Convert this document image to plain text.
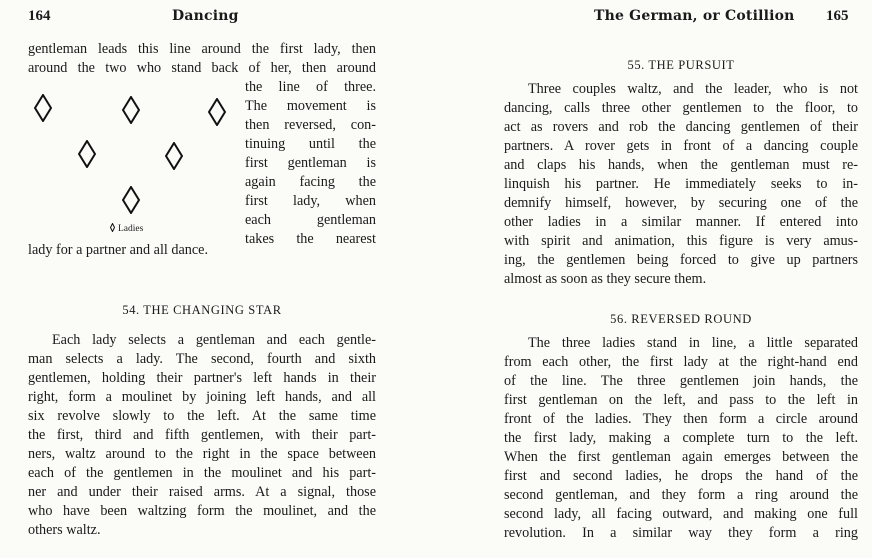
164	Dancing
gentleman leads this line around the first lady, then
around the two who stand back of her, then around
Ladies
the line of three.
The movement is
then reversed, con-
tinuing until the
first gentleman is
again facing the
first lady, when
each gentleman
takes the nearest
lady for a partner and all dance.
54. THE CHANGING STAR
Each lady selects a gentleman and each gentle-
man selects a lady. The second, fourth and sixth
gentlemen, holding their partner's left hands in their
right, form a moulinet by joining left hands, and all
six revolve slowly to the left. At the same time
the first, third and fifth gentlemen, with their part-
ners, waltz around to the right in the space between
each of the gentlemen in the moulinet and his part-
ner and under their raised arms. At a signal, those
who have been waltzing form the moulinet, and the
others waltz.
The German, or Cotillion 165
55. THE PURSUIT
Three couples waltz, and the leader, who is not
dancing, calls three other gentlemen to the floor, to
act as rovers and rob the dancing gentlemen of their
partners. A rover gets in front of a dancing couple
and claps his hands, when the gentleman must re-
linquish his partner. He immediately seeks to in-
demnify himself, however, by securing one of the
other ladies in a similar manner. If entered into
with spirit and animation, this figure is very amus-
ing, the gentlemen being forced to give up partners
almost as soon as they secure them.
56. REVERSED ROUND
The three ladies stand in line, a little separated
from each other, the first lady at the right-hand end
of the line. The three gentlemen join hands, the
first gentleman on the left, and pass to the left in
front of the ladies. They then form a circle around
the first lady, making a complete turn to the left.
When the first gentleman again emerges between the
first and second ladies, he drops the hand of the
second gentleman, and they form a ring around the
second lady, all facing outward, and making one full
revolution. In a similar way they form a ring
